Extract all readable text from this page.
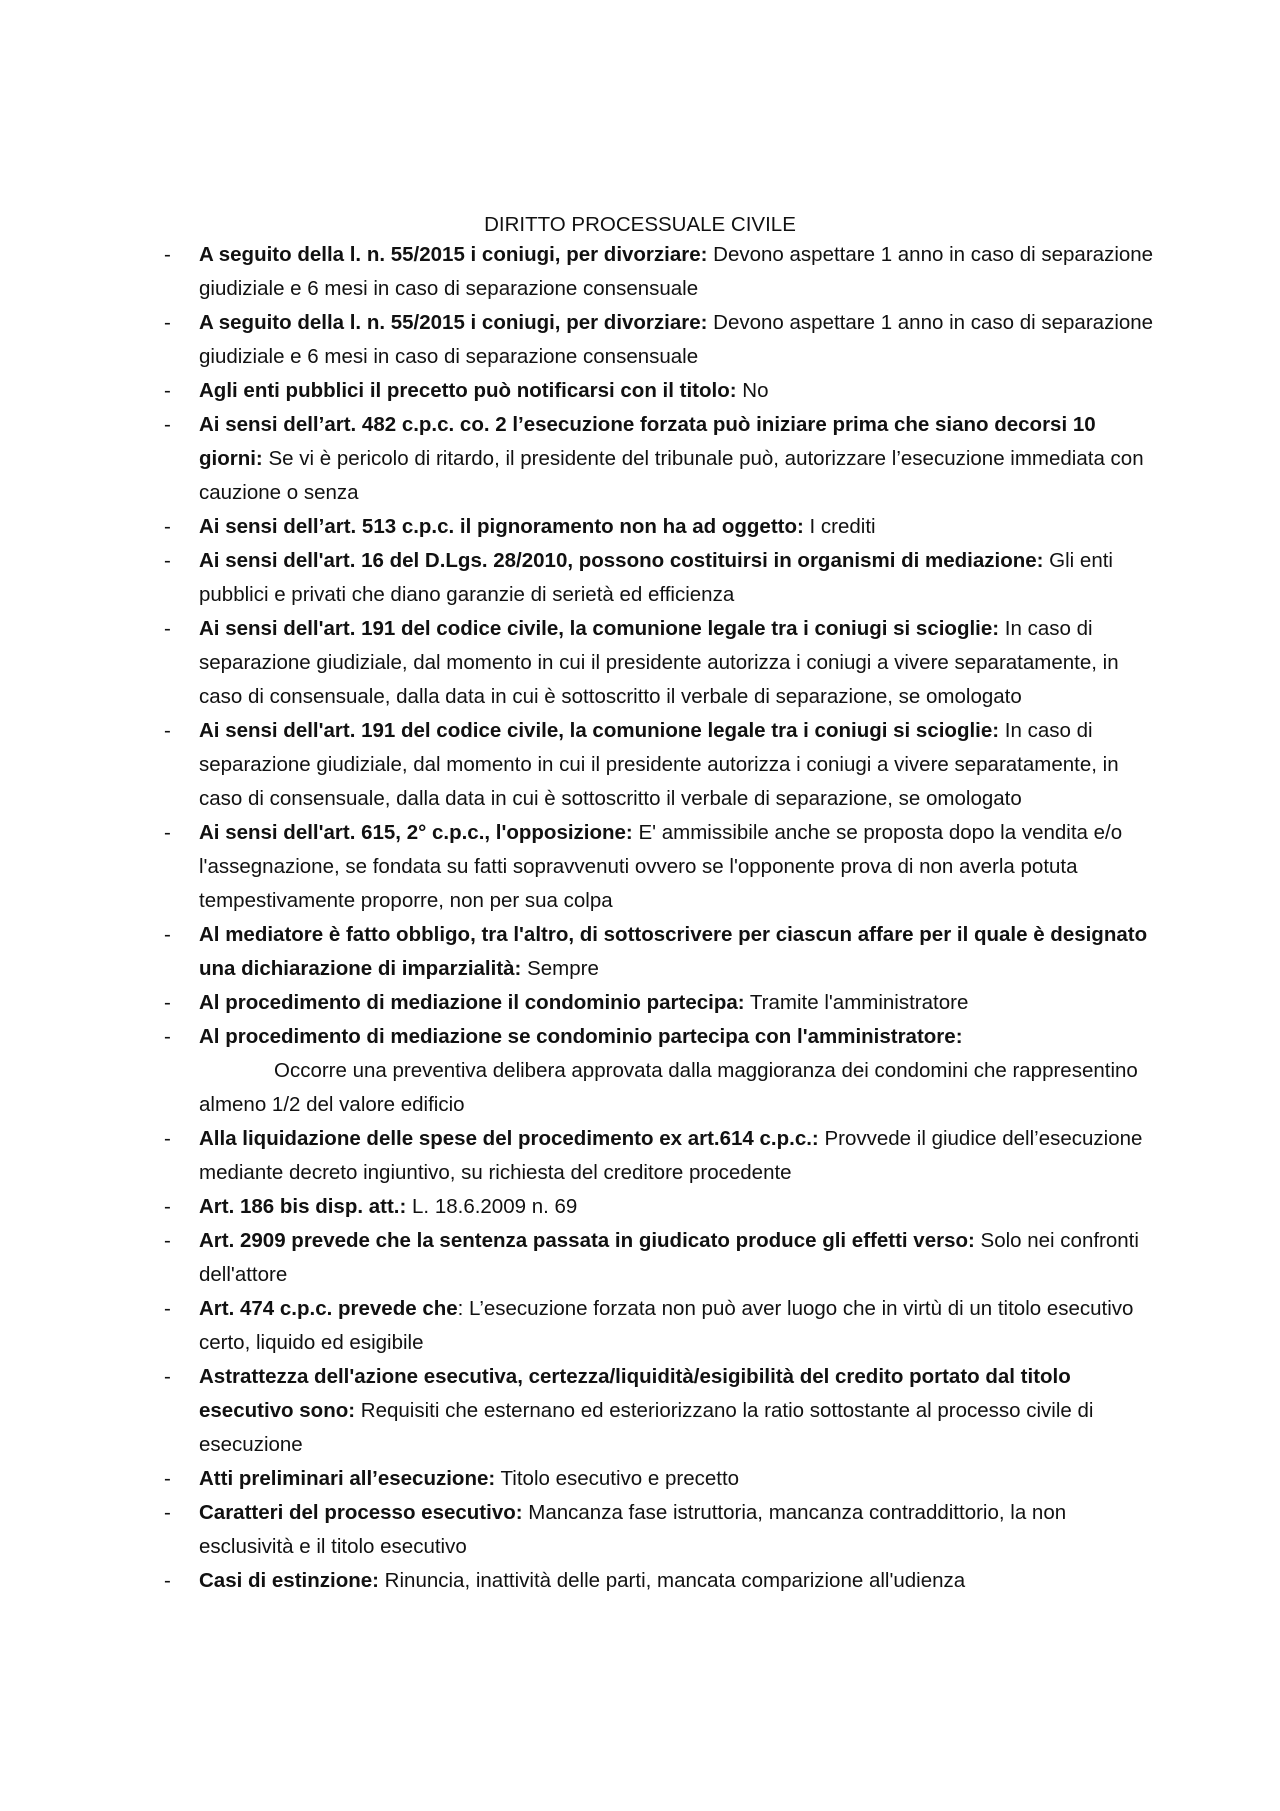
DIRITTO PROCESSUALE CIVILE
-	A seguito della l. n. 55/2015 i coniugi, per divorziare: Devono aspettare 1 anno in caso di separazione giudiziale e 6 mesi in caso di separazione consensuale
-	A seguito della l. n. 55/2015 i coniugi, per divorziare: Devono aspettare 1 anno in caso di separazione giudiziale e 6 mesi in caso di separazione consensuale
-	Agli enti pubblici il precetto può notificarsi con il titolo: No
-	Ai sensi dell’art. 482 c.p.c. co. 2 l’esecuzione forzata può iniziare prima che siano decorsi 10 giorni: Se vi è pericolo di ritardo, il presidente del tribunale può, autorizzare l’esecuzione immediata con cauzione o senza
-	Ai sensi dell’art. 513 c.p.c. il pignoramento non ha ad oggetto: I crediti
-	Ai sensi dell'art. 16 del D.Lgs. 28/2010, possono costituirsi in organismi di mediazione: Gli enti pubblici e privati che diano garanzie di serietà ed efficienza
-	Ai sensi dell'art. 191 del codice civile, la comunione legale tra i coniugi si scioglie: In caso di separazione giudiziale, dal momento in cui il presidente autorizza i coniugi a vivere separatamente, in caso di consensuale, dalla data in cui è sottoscritto il verbale di separazione, se omologato
-	Ai sensi dell'art. 191 del codice civile, la comunione legale tra i coniugi si scioglie: In caso di separazione giudiziale, dal momento in cui il presidente autorizza i coniugi a vivere separatamente, in caso di consensuale, dalla data in cui è sottoscritto il verbale di separazione, se omologato
-	Ai sensi dell'art. 615, 2° c.p.c., l'opposizione: E' ammissibile anche se proposta dopo la vendita e/o l'assegnazione, se fondata su fatti sopravvenuti ovvero se l'opponente prova di non averla potuta tempestivamente proporre, non per sua colpa
-	Al mediatore è fatto obbligo, tra l'altro, di sottoscrivere per ciascun affare per il quale è designato una dichiarazione di imparzialità: Sempre
-	Al procedimento di mediazione il condominio partecipa: Tramite l'amministratore
-	Al procedimento di mediazione se condominio partecipa con l'amministratore:
Occorre una preventiva delibera approvata dalla maggioranza dei condomini che rappresentino almeno 1/2 del valore edificio
-	Alla liquidazione delle spese del procedimento ex art.614 c.p.c.: Provvede il giudice dell’esecuzione mediante decreto ingiuntivo, su richiesta del creditore procedente
-	Art. 186 bis disp. att.: L. 18.6.2009 n. 69
-	Art. 2909 prevede che la sentenza passata in giudicato produce gli effetti verso: Solo nei confronti dell'attore
-	Art. 474 c.p.c. prevede che: L’esecuzione forzata non può aver luogo che in virtù di un titolo esecutivo certo, liquido ed esigibile
-	Astrattezza dell'azione esecutiva, certezza/liquidità/esigibilità del credito portato dal titolo esecutivo sono: Requisiti che esternano ed esteriorizzano la ratio sottostante al processo civile di esecuzione
-	Atti preliminari all’esecuzione: Titolo esecutivo e precetto
-	Caratteri del processo esecutivo: Mancanza fase istruttoria, mancanza contraddittorio, la non esclusività e il titolo esecutivo
-	Casi di estinzione: Rinuncia, inattività delle parti, mancata comparizione all'udienza
